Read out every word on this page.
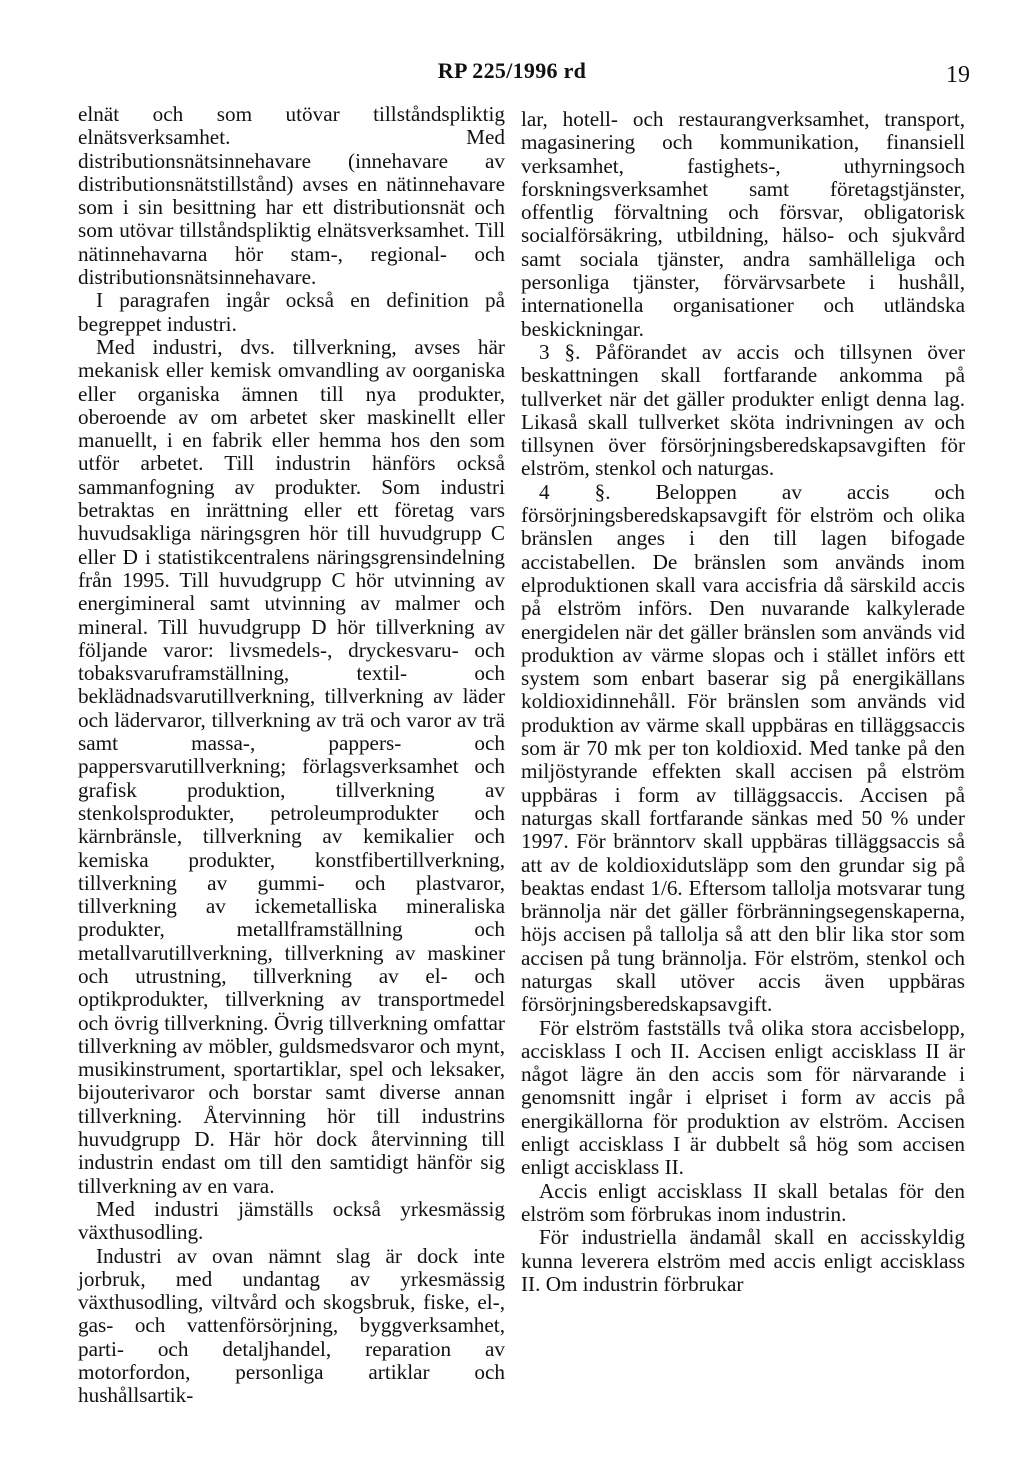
RP 225/1996 rd	19

elnät och som utövar tillståndspliktig elnätsverksamhet. Med distributionsnätsinnehavare (innehavare av distributionsnätstillstånd) avses en nätinnehavare som i sin besittning har ett distributionsnät och som utövar tillståndspliktig elnätsverksamhet. Till nätinnehavarna hör stam-, regional- och distributionsnätsinnehavare.

I paragrafen ingår också en definition på begreppet industri.

Med industri, dvs. tillverkning, avses här mekanisk eller kemisk omvandling av oorganiska eller organiska ämnen till nya produkter, oberoende av om arbetet sker maskinellt eller manuellt, i en fabrik eller hemma hos den som utför arbetet. Till industrin hänförs också sammanfogning av produkter. Som industri betraktas en inrättning eller ett företag vars huvudsakliga näringsgren hör till huvudgrupp C eller D i statistikcentralens näringsgrensindelning från 1995. Till huvudgrupp C hör utvinning av energimineral samt utvinning av malmer och mineral. Till huvudgrupp D hör tillverkning av följande varor: livsmedels-, dryckesvaru- och tobaksvaruframställning, textil- och beklädnadsvarutillverkning, tillverkning av läder och lädervaror, tillverkning av trä och varor av trä samt massa-, pappers- och pappersvarutillverkning; förlagsverksamhet och grafisk produktion, tillverkning av stenkolsprodukter, petroleumprodukter och kärnbränsle, tillverkning av kemikalier och kemiska produkter, konstfibertillverkning, tillverkning av gummi- och plastvaror, tillverkning av ickemetalliska mineraliska produkter, metallframställning och metallvarutillverkning, tillverkning av maskiner och utrustning, tillverkning av el- och optikprodukter, tillverkning av transportmedel och övrig tillverkning. Övrig tillverkning omfattar tillverkning av möbler, guldsmedsvaror och mynt, musikinstrument, sportartiklar, spel och leksaker, bijouterivaror och borstar samt diverse annan tillverkning. Återvinning hör till industrins huvudgrupp D. Här hör dock återvinning till industrin endast om till den samtidigt hänför sig tillverkning av en vara.

Med industri jämställs också yrkesmässig växthusodling.

Industri av ovan nämnt slag är dock inte jorbruk, med undantag av yrkesmässig växthusodling, viltvård och skogsbruk, fiske, el-, gas- och vattenförsörjning, byggverksamhet, parti- och detaljhandel, reparation av motorfordon, personliga artiklar och hushållsartik-

lar, hotell- och restaurangverksamhet, transport, magasinering och kommunikation, finansiell verksamhet, fastighets-, uthyrningsoch forskningsverksamhet samt företagstjänster, offentlig förvaltning och försvar, obligatorisk socialförsäkring, utbildning, hälso- och sjukvård samt sociala tjänster, andra samhälleliga och personliga tjänster, förvärvsarbete i hushåll, internationella organisationer och utländska beskickningar.

3 §. Påförandet av accis och tillsynen över beskattningen skall fortfarande ankomma på tullverket när det gäller produkter enligt denna lag. Likaså skall tullverket sköta indrivningen av och tillsynen över försörjningsberedskapsavgiften för elström, stenkol och naturgas.

4 §. Beloppen av accis och försörjningsberedskapsavgift för elström och olika bränslen anges i den till lagen bifogade accistabellen. De bränslen som används inom elproduktionen skall vara accisfria då särskild accis på elström införs. Den nuvarande kalkylerade energidelen när det gäller bränslen som används vid produktion av värme slopas och i stället införs ett system som enbart baserar sig på energikällans koldioxidinnehåll. För bränslen som används vid produktion av värme skall uppbäras en tilläggsaccis som är 70 mk per ton koldioxid. Med tanke på den miljöstyrande effekten skall accisen på elström uppbäras i form av tilläggsaccis. Accisen på naturgas skall fortfarande sänkas med 50 % under 1997. För bränntorv skall uppbäras tilläggsaccis så att av de koldioxidutsläpp som den grundar sig på beaktas endast 1/6. Eftersom tallolja motsvarar tung brännolja när det gäller förbränningsegenskaperna, höjs accisen på tallolja så att den blir lika stor som accisen på tung brännolja. För elström, stenkol och naturgas skall utöver accis även uppbäras försörjningsberedskapsavgift.

För elström fastställs två olika stora accisbelopp, accisklass I och II. Accisen enligt accisklass II är något lägre än den accis som för närvarande i genomsnitt ingår i elpriset i form av accis på energikällorna för produktion av elström. Accisen enligt accisklass I är dubbelt så hög som accisen enligt accisklass II.

Accis enligt accisklass II skall betalas för den elström som förbrukas inom industrin.

För industriella ändamål skall en accisskyldig kunna leverera elström med accis enligt accisklass II. Om industrin förbrukar
